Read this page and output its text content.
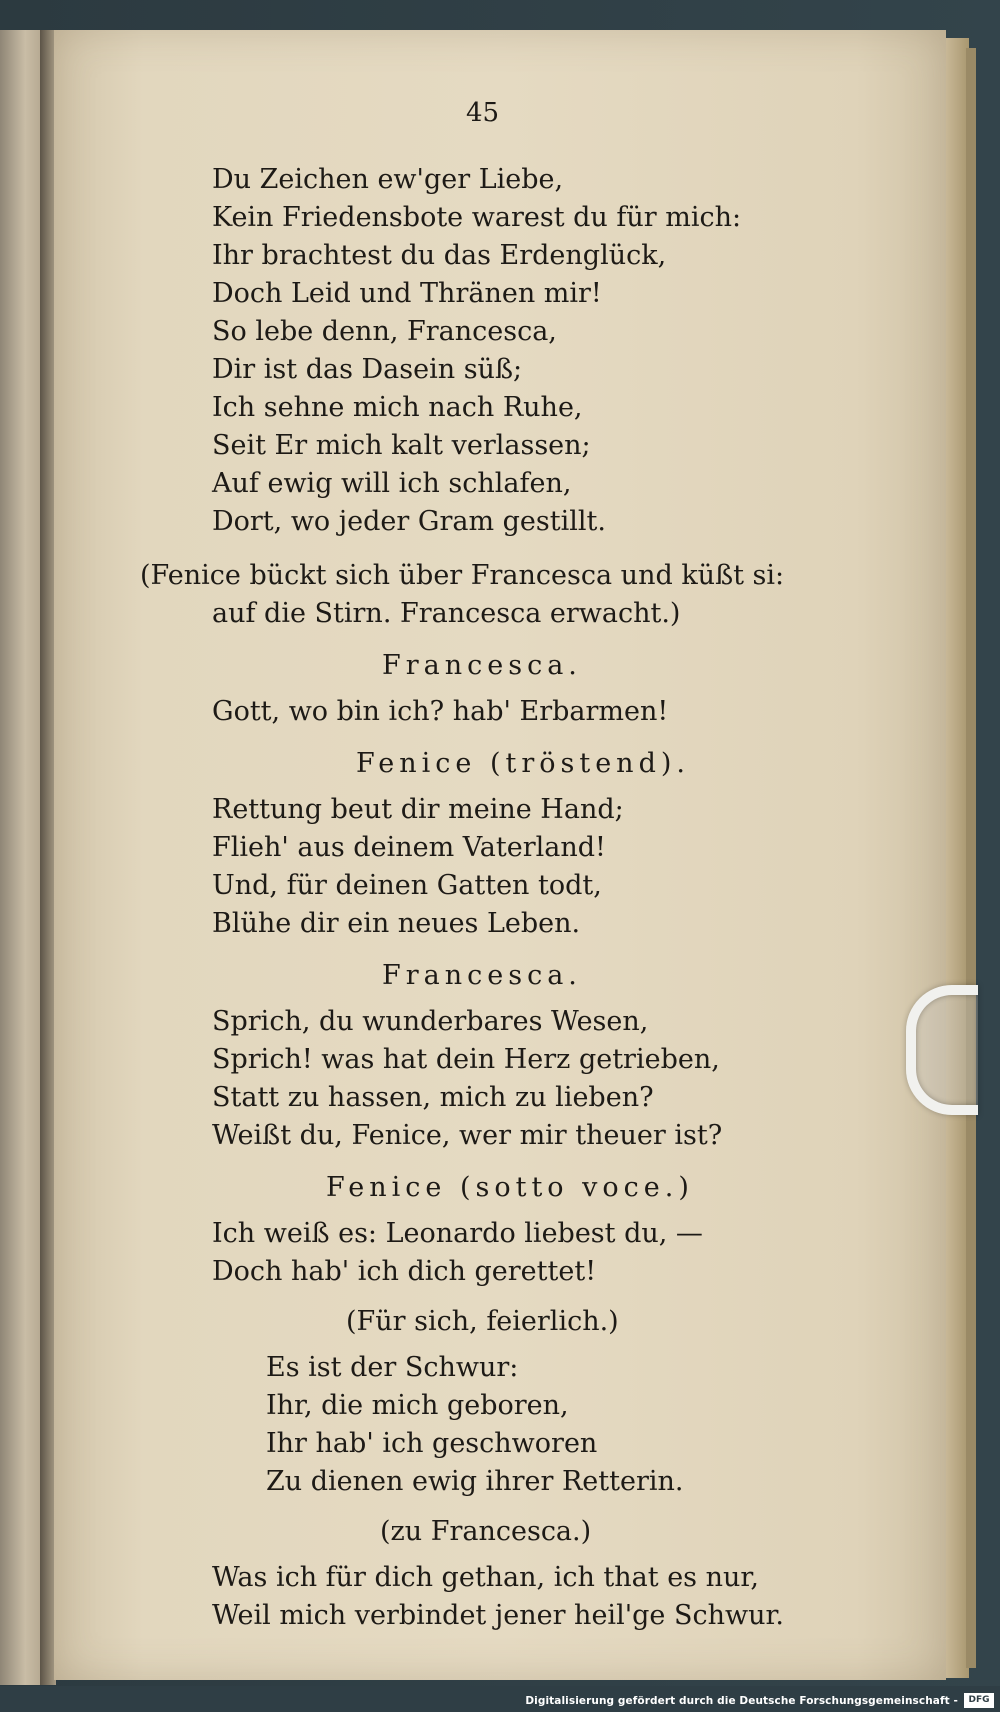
45
Du Zeichen ew'ger Liebe,
Kein Friedensbote warest du für mich:
Ihr brachtest du das Erdenglück,
Doch Leid und Thränen mir!
So lebe denn, Francesca,
Dir ist das Dasein süß;
Ich sehne mich nach Ruhe,
Seit Er mich kalt verlassen;
Auf ewig will ich schlafen,
Dort, wo jeder Gram gestillt.
(Fenice bückt sich über Francesca und küßt si:
auf die Stirn. Francesca erwacht.)
Francesca.
Gott, wo bin ich? hab' Erbarmen!
Fenice (tröstend).
Rettung beut dir meine Hand;
Flieh' aus deinem Vaterland!
Und, für deinen Gatten todt,
Blühe dir ein neues Leben.
Francesca.
Sprich, du wunderbares Wesen,
Sprich! was hat dein Herz getrieben,
Statt zu hassen, mich zu lieben?
Weißt du, Fenice, wer mir theuer ist?
Fenice (sotto voce.)
Ich weiß es: Leonardo liebest du, —
Doch hab' ich dich gerettet!
(Für sich, feierlich.)
Es ist der Schwur:
Ihr, die mich geboren,
Ihr hab' ich geschworen
Zu dienen ewig ihrer Retterin.
(zu Francesca.)
Was ich für dich gethan, ich that es nur,
Weil mich verbindet jener heil'ge Schwur.
Digitalisierung gefördert durch die Deutsche Forschungsgemeinschaft -	DFG
